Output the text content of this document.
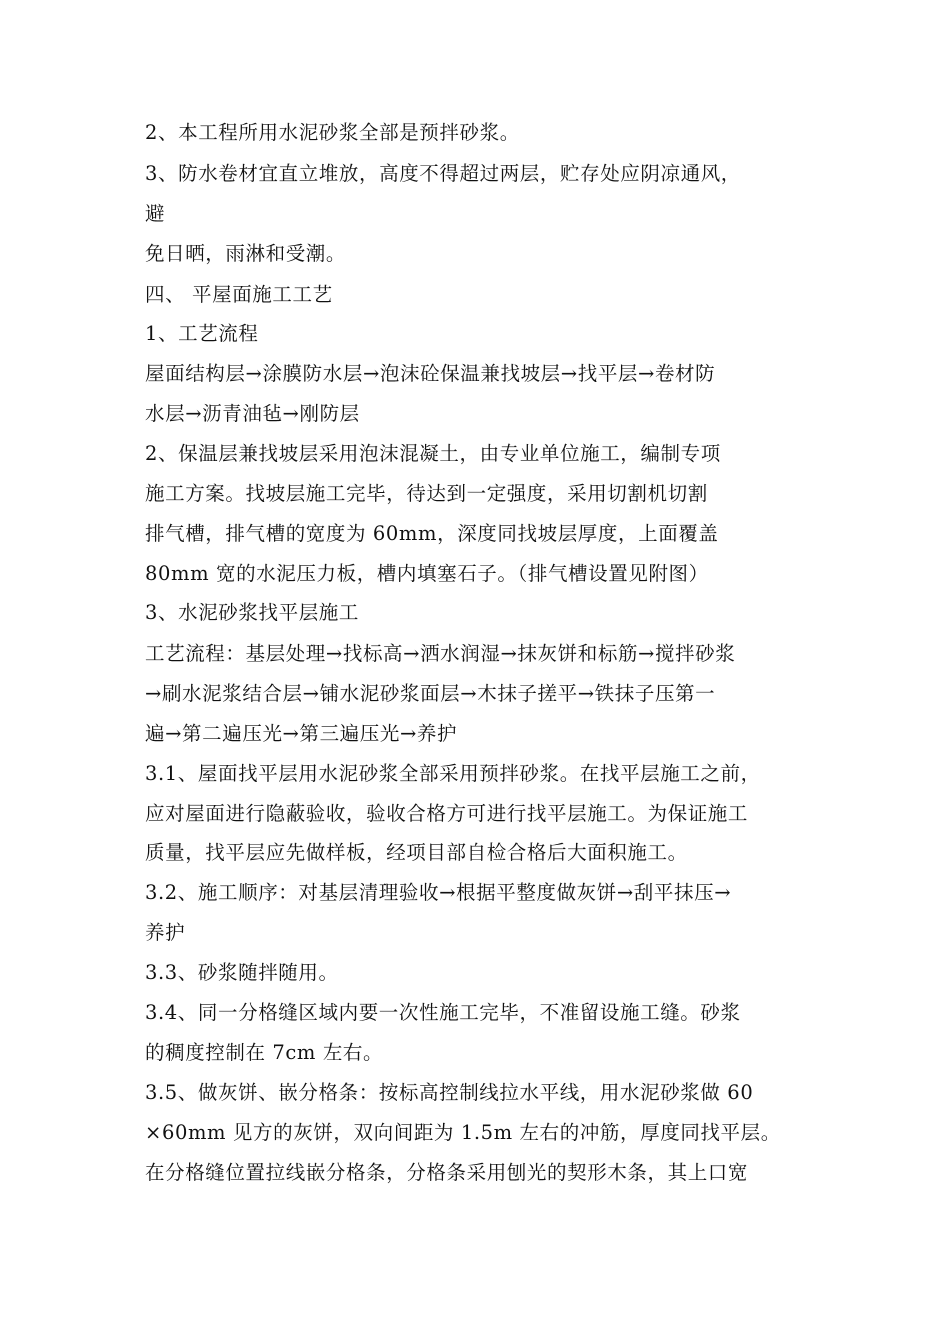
2、本工程所用水泥砂浆全部是预拌砂浆。
3、防水卷材宜直立堆放，高度不得超过两层，贮存处应阴凉通风，
避
免日晒，雨淋和受潮。
四、 平屋面施工工艺
1、工艺流程
屋面结构层→涂膜防水层→泡沫砼保温兼找坡层→找平层→卷材防
水层→沥青油毡→刚防层
2、保温层兼找坡层采用泡沫混凝土，由专业单位施工，编制专项
施工方案。找坡层施工完毕，待达到一定强度，采用切割机切割
排气槽，排气槽的宽度为 60mm，深度同找坡层厚度，上面覆盖
80mm 宽的水泥压力板，槽内填塞石子。（排气槽设置见附图）
3、水泥砂浆找平层施工
工艺流程：基层处理→找标高→洒水润湿→抹灰饼和标筋→搅拌砂浆
→刷水泥浆结合层→铺水泥砂浆面层→木抹子搓平→铁抹子压第一
遍→第二遍压光→第三遍压光→养护
3.1、屋面找平层用水泥砂浆全部采用预拌砂浆。在找平层施工之前，
应对屋面进行隐蔽验收，验收合格方可进行找平层施工。为保证施工
质量，找平层应先做样板，经项目部自检合格后大面积施工。
3.2、施工顺序：对基层清理验收→根据平整度做灰饼→刮平抹压→
养护
3.3、砂浆随拌随用。
3.4、同一分格缝区域内要一次性施工完毕，不准留设施工缝。砂浆
的稠度控制在 7cm 左右。
3.5、做灰饼、嵌分格条：按标高控制线拉水平线，用水泥砂浆做 60
×60mm 见方的灰饼，双向间距为 1.5m 左右的冲筋，厚度同找平层。
在分格缝位置拉线嵌分格条，分格条采用刨光的契形木条，其上口宽
